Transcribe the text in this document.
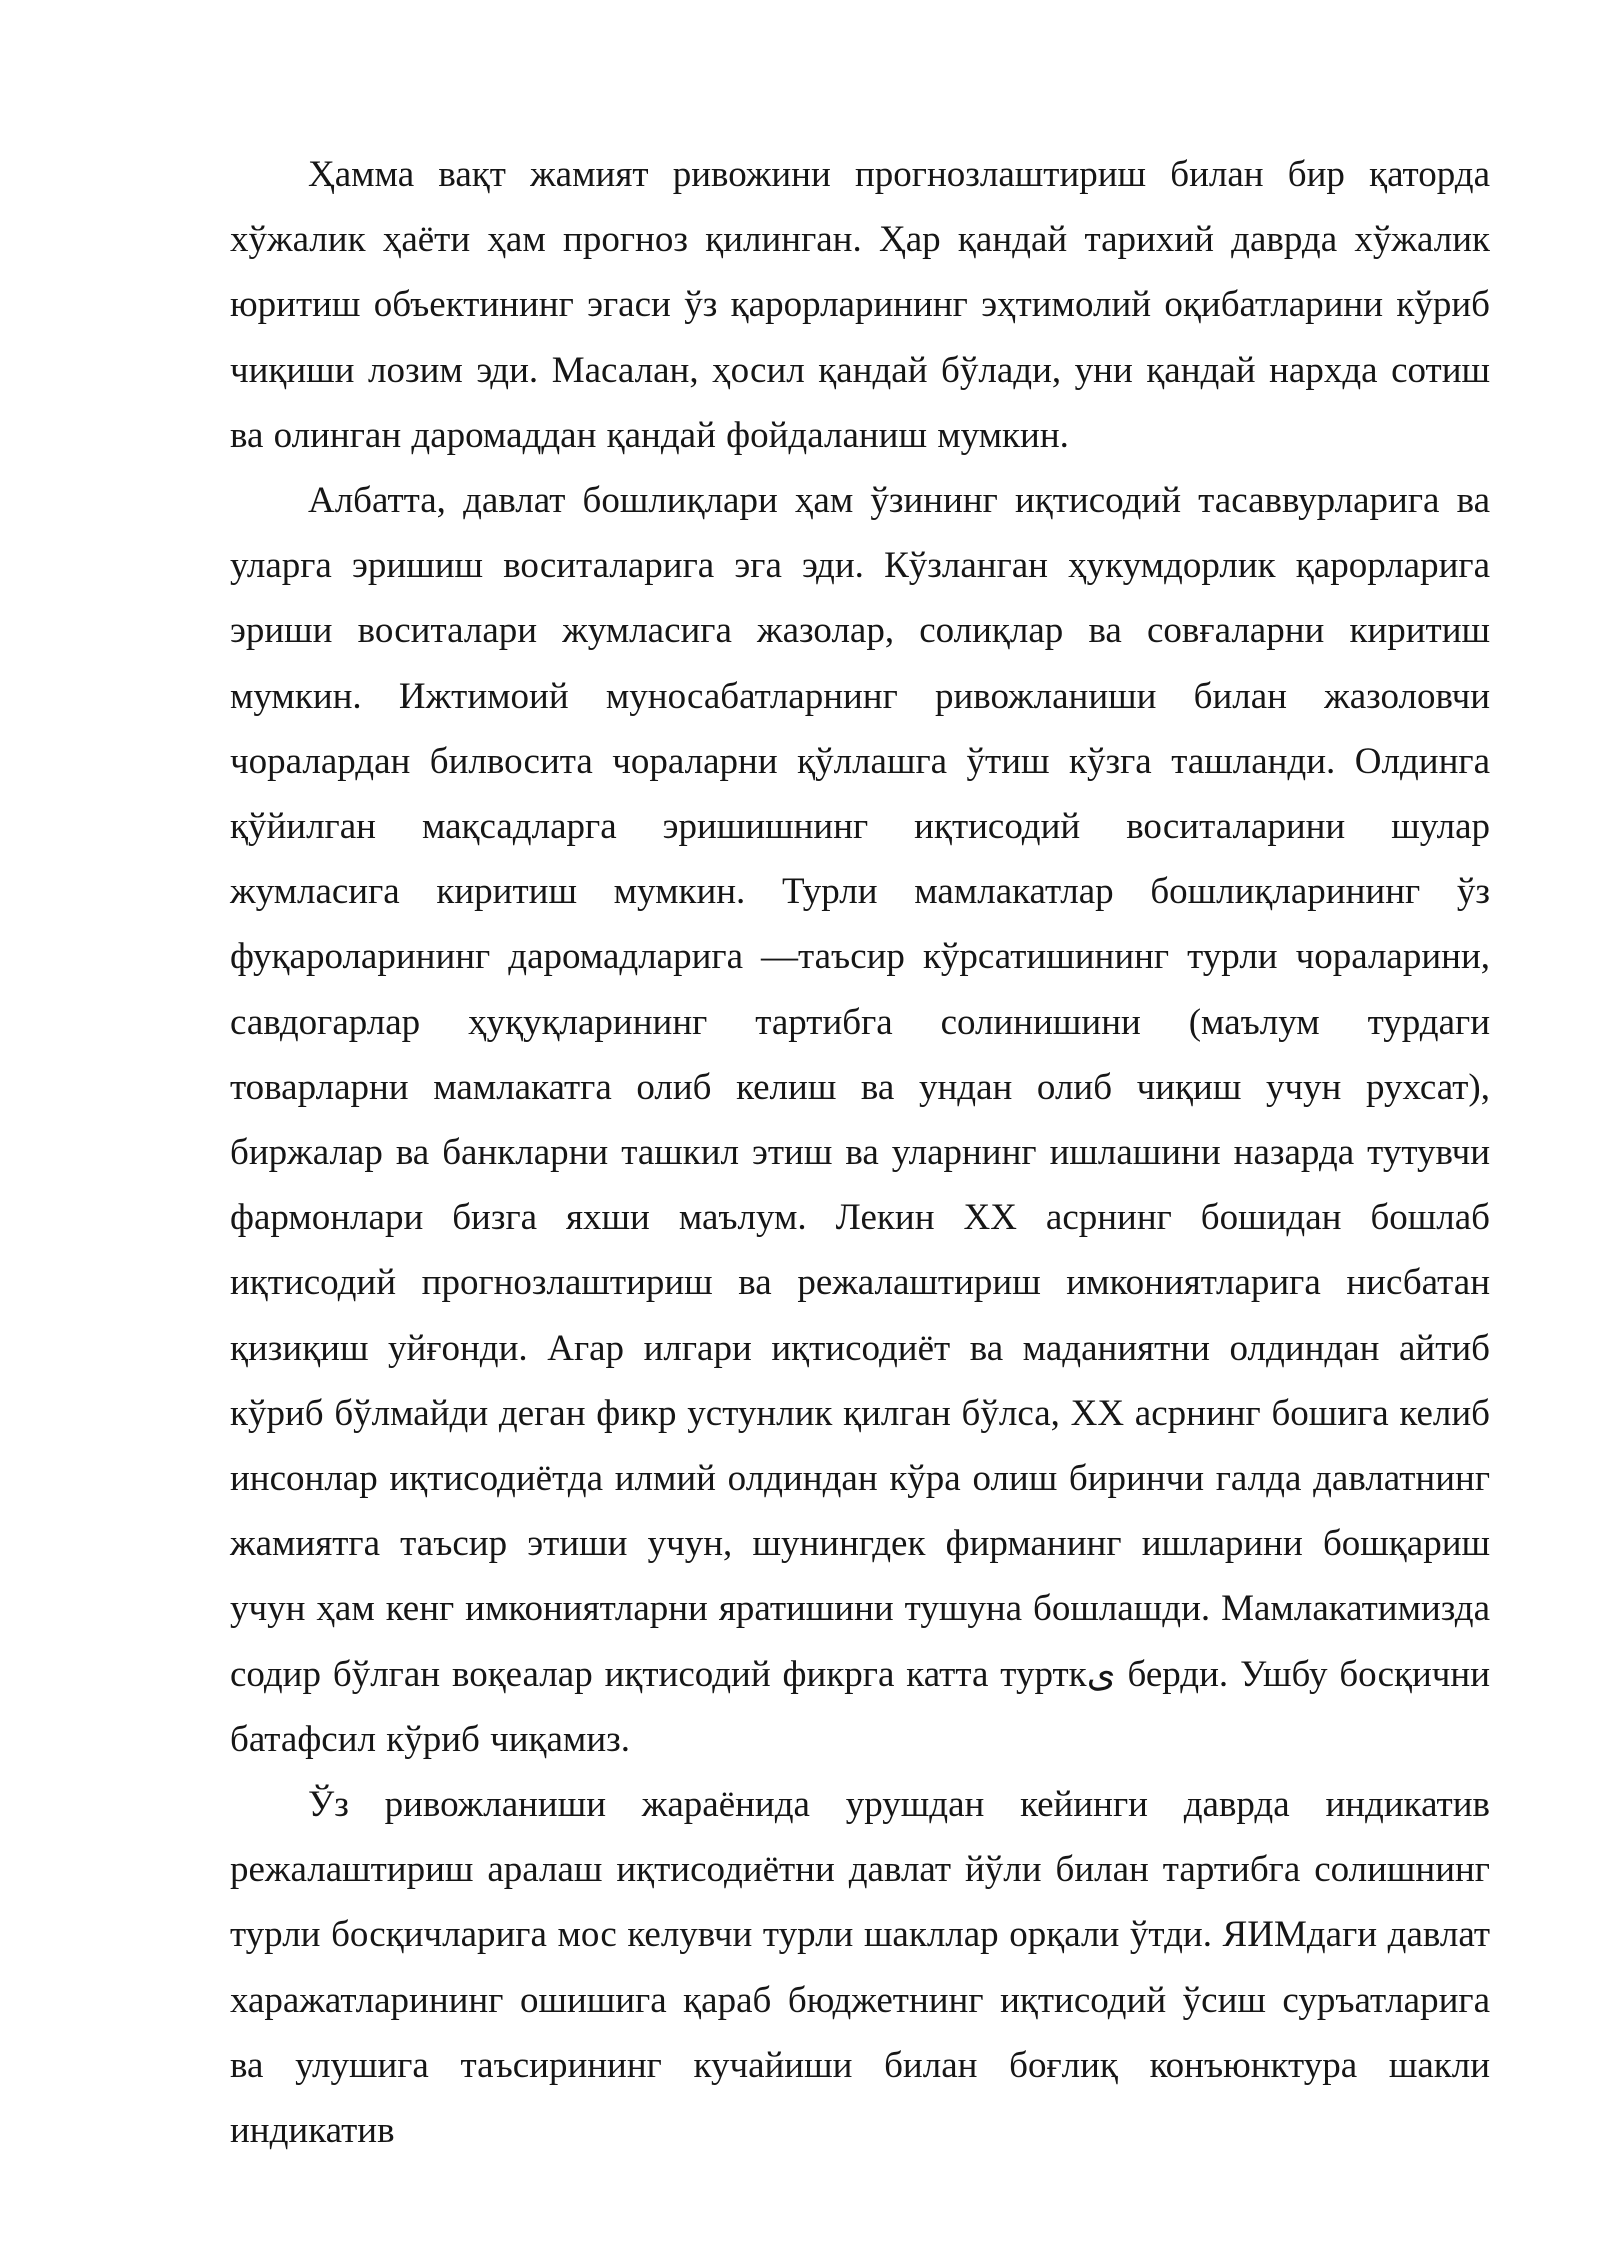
Ҳамма вақт жамият ривожини прогнозлаштириш билан бир қаторда хўжалик ҳаёти ҳам прогноз қилинган. Ҳар қандай тарихий даврда хўжалик юритиш объектининг эгаси ўз қарорларининг эҳтимолий оқибатларини кўриб чиқиши лозим эди. Масалан, ҳосил қандай бўлади, уни қандай нархда сотиш ва олинган даромаддан қандай фойдаланиш мумкин.

Албатта, давлат бошлиқлари ҳам ўзининг иқтисодий тасаввурларига ва уларга эришиш воситаларига эга эди. Кўзланган ҳукумдорлик қарорларига эриши воситалари жумласига жазолар, солиқлар ва совғаларни киритиш мумкин. Ижтимоий муносабатларнинг ривожланиши билан жазоловчи чоралардан билвосита чораларни қўллашга ўтиш кўзга ташланди. Олдинга қўйилган мақсадларга эришишнинг иқтисодий воситаларини шулар жумласига киритиш мумкин. Турли мамлакатлар бошлиқларининг ўз фуқароларининг даромадларига ―таъсир кўрсатишининг турли чораларини, савдогарлар ҳуқуқларининг тартибга солинишини (маълум турдаги товарларни мамлакатга олиб келиш ва ундан олиб чиқиш учун рухсат), биржалар ва банкларни ташкил этиш ва уларнинг ишлашини назарда тутувчи фармонлари бизга яхши маълум. Лекин XX асрнинг бошидан бошлаб иқтисодий прогнозлаштириш ва режалаштириш имкониятларига нисбатан қизиқиш уйғонди. Агар илгари иқтисодиёт ва маданиятни олдиндан айтиб кўриб бўлмайди деган фикр устунлик қилган бўлса, XX асрнинг бошига келиб инсонлар иқтисодиётда илмий олдиндан кўра олиш биринчи галда давлатнинг жамиятга таъсир этиши учун, шунингдек фирманинг ишларини бошқариш учун ҳам кенг имкониятларни яратишини тушуна бошлашди. Мамлакатимизда содир бўлган воқеалар иқтисодий фикрга катта турткی берди. Ушбу босқични батафсил кўриб чиқамиз.

Ўз ривожланиши жараёнида урушдан кейинги даврда индикатив режалаштириш аралаш иқтисодиётни давлат йўли билан тартибга солишнинг турли босқичларига мос келувчи турли шакллар орқали ўтди. ЯИМдаги давлат харажатларининг ошишига қараб бюджетнинг иқтисодий ўсиш суръатларига ва улушига таъсирининг кучайиши билан боғлиқ конъюнктура шакли индикатив
